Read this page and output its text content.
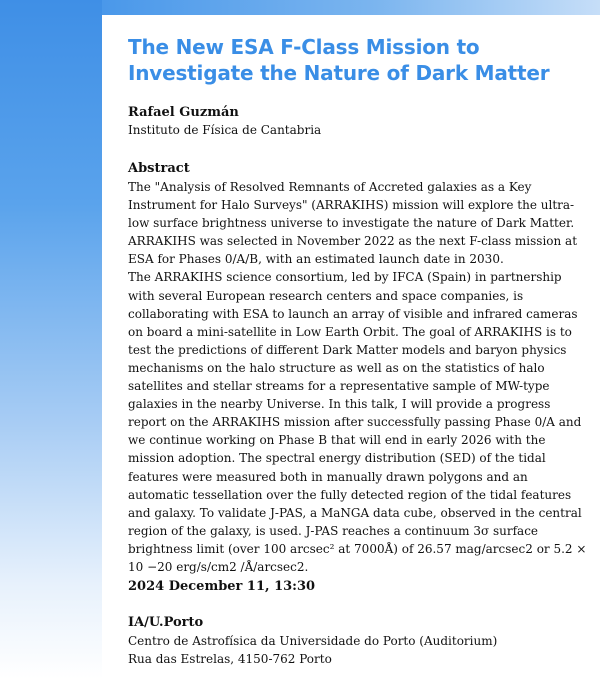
The New ESA F-Class Mission to Investigate the Nature of Dark Matter
Rafael Guzmán
Instituto de Física de Cantabria
Abstract

The "Analysis of Resolved Remnants of Accreted galaxies as a Key Instrument for Halo Surveys" (ARRAKIHS) mission will explore the ultra-low surface brightness universe to investigate the nature of Dark Matter. ARRAKIHS was selected in November 2022 as the next F-class mission at ESA for Phases 0/A/B, with an estimated launch date in 2030.

The ARRAKIHS science consortium, led by IFCA (Spain) in partnership with several European research centers and space companies, is collaborating with ESA to launch an array of visible and infrared cameras on board a mini-satellite in Low Earth Orbit. The goal of ARRAKIHS is to test the predictions of different Dark Matter models and baryon physics mechanisms on the halo structure as well as on the statistics of halo satellites and stellar streams for a representative sample of MW-type galaxies in the nearby Universe. In this talk, I will provide a progress report on the ARRAKIHS mission after successfully passing Phase 0/A and we continue working on Phase B that will end in early 2026 with the mission adoption. The spectral energy distribution (SED) of the tidal features were measured both in manually drawn polygons and an automatic tessellation over the fully detected region of the tidal features and galaxy. To validate J-PAS, a MaNGA data cube, observed in the central region of the galaxy, is used. J-PAS reaches a continuum 3σ surface brightness limit (over 100 arcsec² at 7000Å) of 26.57 mag/arcsec2 or 5.2 × 10 −20 erg/s/cm2 /Å/arcsec2.

2024 December 11, 13:30
IA/U.Porto
Centro de Astrofísica da Universidade do Porto (Auditorium)
Rua das Estrelas, 4150-762 Porto
